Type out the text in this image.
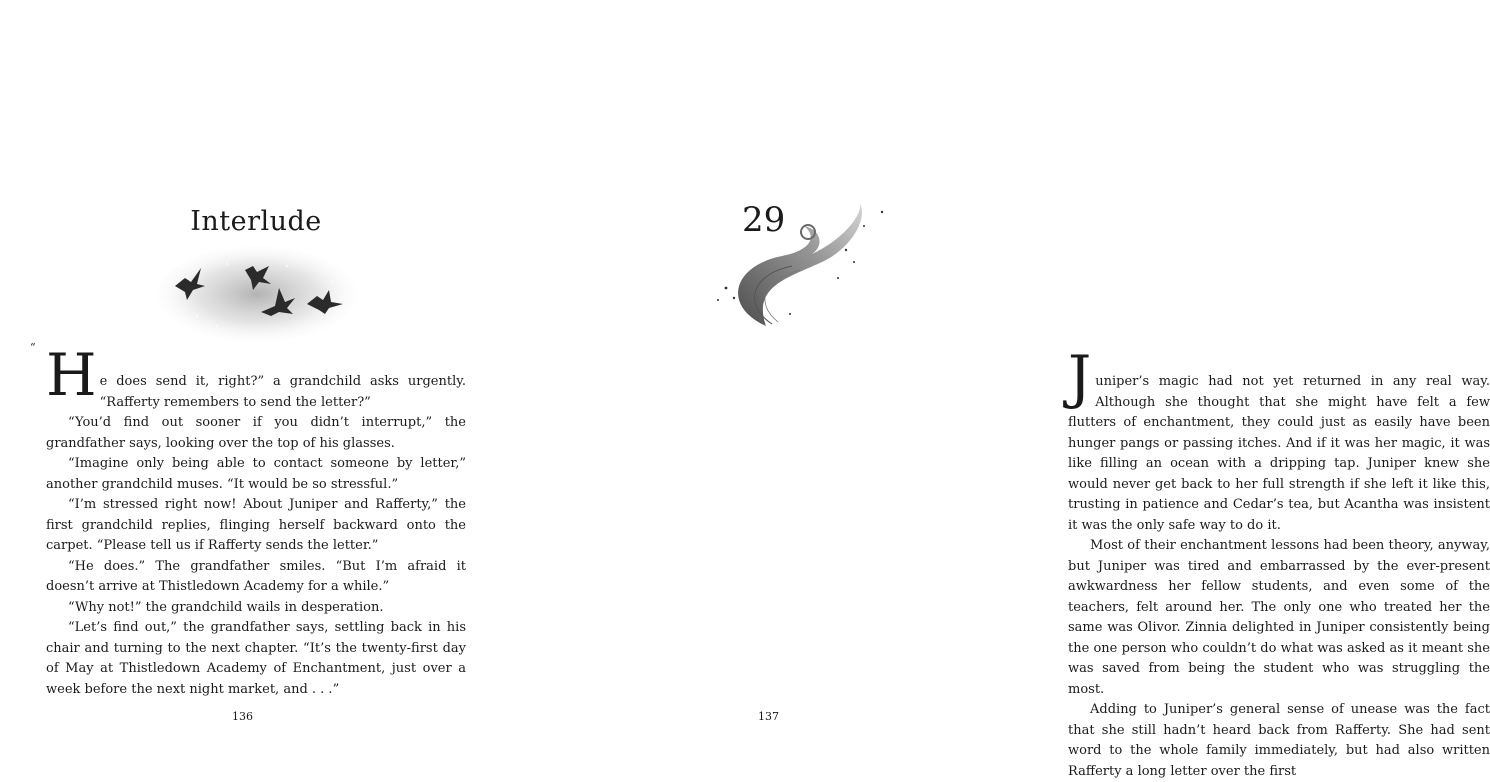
Interlude
“ He does send it, right?” a grandchild asks urgently. “Rafferty remembers to send the letter?”

“You’d find out sooner if you didn’t interrupt,” the grandfather says, looking over the top of his glasses.

“Imagine only being able to contact someone by letter,” another grandchild muses. “It would be so stressful.”

“I’m stressed right now! About Juniper and Rafferty,” the first grandchild replies, flinging herself backward onto the carpet. “Please tell us if Rafferty sends the letter.”

“He does.” The grandfather smiles. “But I’m afraid it doesn’t arrive at Thistledown Academy for a while.”

“Why not!” the grandchild wails in desperation.

“Let’s find out,” the grandfather says, settling back in his chair and turning to the next chapter. “It’s the twenty-first day of May at Thistledown Academy of Enchantment, just over a week before the next night market, and . . .”

136
29

Juniper’s magic had not yet returned in any real way. Although she thought that she might have felt a few flutters of enchantment, they could just as easily have been hunger pangs or passing itches. And if it was her magic, it was like filling an ocean with a dripping tap. Juniper knew she would never get back to her full strength if she left it like this, trusting in patience and Cedar’s tea, but Acantha was insistent it was the only safe way to do it.

Most of their enchantment lessons had been theory, anyway, but Juniper was tired and embarrassed by the ever-present awkwardness her fellow students, and even some of the teachers, felt around her. The only one who treated her the same was Olivor. Zinnia delighted in Juniper consistently being the one person who couldn’t do what was asked as it meant she was saved from being the student who was struggling the most.

Adding to Juniper’s general sense of unease was the fact that she still hadn’t heard back from Rafferty. She had sent word to the whole family immediately, but had also written Rafferty a long letter over the first

137
